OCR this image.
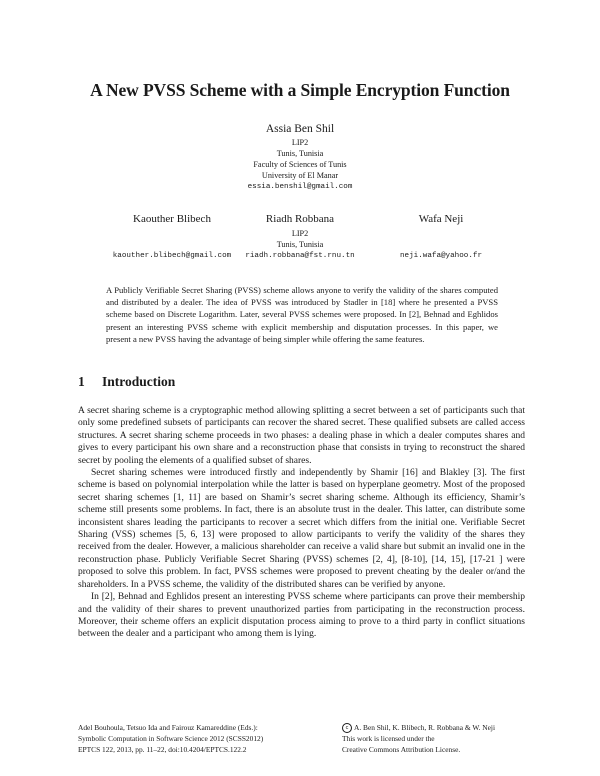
A New PVSS Scheme with a Simple Encryption Function
Assia Ben Shil
LIP2
Tunis, Tunisia
Faculty of Sciences of Tunis
University of El Manar
essia.benshil@gmail.com
Kaouther Blibech
kaouther.blibech@gmail.com
Riadh Robbana
LIP2
Tunis, Tunisia
riadh.robbana@fst.rnu.tn
Wafa Neji
neji.wafa@yahoo.fr
A Publicly Verifiable Secret Sharing (PVSS) scheme allows anyone to verify the validity of the shares computed and distributed by a dealer. The idea of PVSS was introduced by Stadler in [18] where he presented a PVSS scheme based on Discrete Logarithm. Later, several PVSS schemes were proposed. In [2], Behnad and Eghlidos present an interesting PVSS scheme with explicit membership and disputation processes. In this paper, we present a new PVSS having the advantage of being simpler while offering the same features.
1 Introduction

A secret sharing scheme is a cryptographic method allowing splitting a secret between a set of participants such that only some predefined subsets of participants can recover the shared secret. These qualified subsets are called access structures. A secret sharing scheme proceeds in two phases: a dealing phase in which a dealer computes shares and gives to every participant his own share and a reconstruction phase that consists in trying to reconstruct the shared secret by pooling the elements of a qualified subset of shares.

Secret sharing schemes were introduced firstly and independently by Shamir [16] and Blakley [3]. The first scheme is based on polynomial interpolation while the latter is based on hyperplane geometry. Most of the proposed secret sharing schemes [1, 11] are based on Shamir’s secret sharing scheme. Although its efficiency, Shamir’s scheme still presents some problems. In fact, there is an absolute trust in the dealer. This latter, can distribute some inconsistent shares leading the participants to recover a secret which differs from the initial one. Verifiable Secret Sharing (VSS) schemes [5, 6, 13] were proposed to allow participants to verify the validity of the shares they received from the dealer. However, a malicious shareholder can receive a valid share but submit an invalid one in the reconstruction phase. Publicly Verifiable Secret Sharing (PVSS) schemes [2, 4], [8-10], [14, 15], [17-21 ] were proposed to solve this problem. In fact, PVSS schemes were proposed to prevent cheating by the dealer or/and the shareholders. In a PVSS scheme, the validity of the distributed shares can be verified by anyone.

In [2], Behnad and Eghlidos present an interesting PVSS scheme where participants can prove their membership and the validity of their shares to prevent unauthorized parties from participating in the reconstruction process. Moreover, their scheme offers an explicit disputation process aiming to prove to a third party in conflict situations between the dealer and a participant who among them is lying.

Adel Bouhoula, Tetsuo Ida and Fairouz Kamareddine (Eds.):
Symbolic Computation in Software Science 2012 (SCSS2012)
EPTCS 122, 2013, pp. 11–22, doi:10.4204/EPTCS.122.2
c A. Ben Shil, K. Blibech, R. Robbana & W. Neji
This work is licensed under the
Creative Commons Attribution License.
